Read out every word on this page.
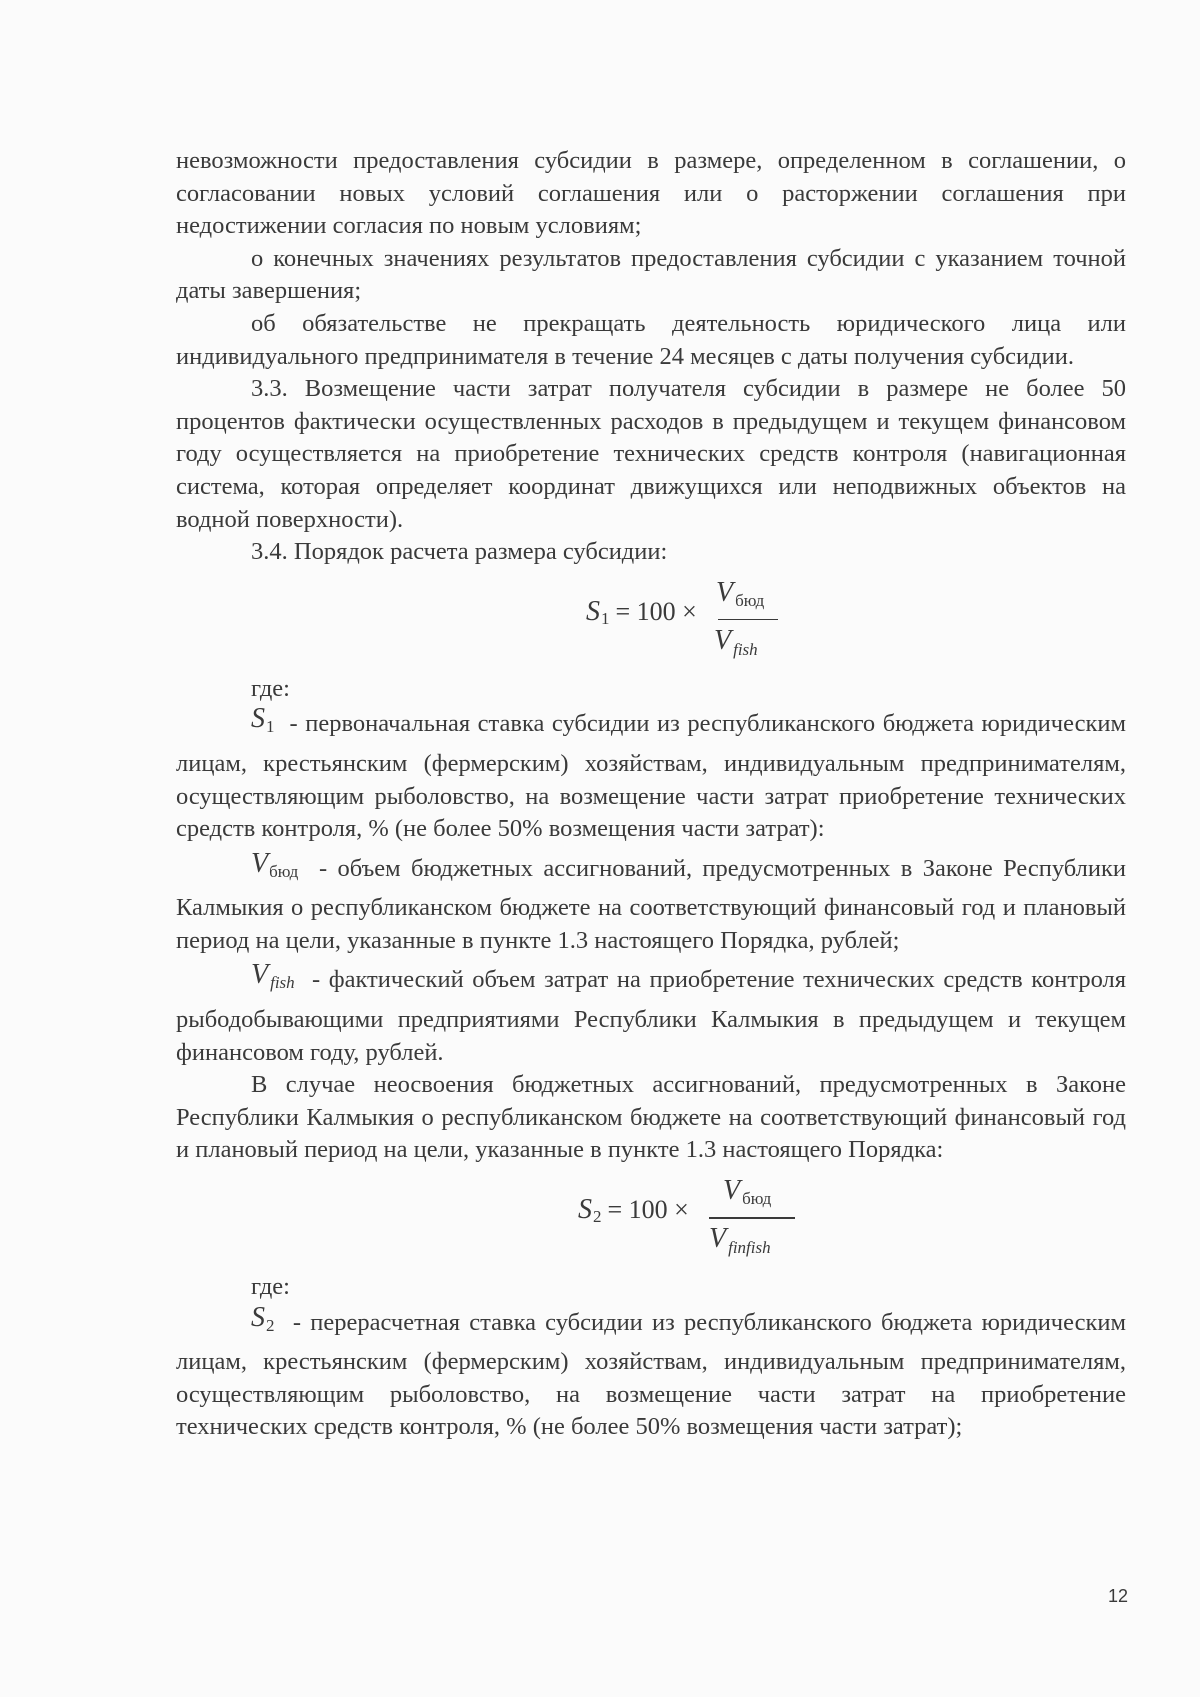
невозможности предоставления субсидии в размере, определенном в соглашении, о согласовании новых условий соглашения или о расторжении соглашения при недостижении согласия по новым условиям;

о конечных значениях результатов предоставления субсидии с указанием точной даты завершения;

об обязательстве не прекращать деятельность юридического лица или индивидуального предпринимателя в течение 24 месяцев с даты получения субсидии.

3.3. Возмещение части затрат получателя субсидии в размере не более 50 процентов фактически осуществленных расходов в предыдущем и текущем финансовом году осуществляется на приобретение технических средств контроля (навигационная система, которая определяет координат движущихся или неподвижных объектов на водной поверхности).

3.4. Порядок расчета размера субсидии:

$S_1 = 100$ ×
Vбюд
V $_{fish}$

где:

S1 - первоначальная ставка субсидии из республиканского бюджета юридическим лицам, крестьянским (фермерским) хозяйствам, индивидуальным предпринимателям, осуществляющим рыболовство, на возмещение части затрат приобретение технических средств контроля, % (не более 50% возмещения части затрат):

Vбюд - объем бюджетных ассигнований, предусмотренных в Законе Республики Калмыкия о республиканском бюджете на соответствующий финансовый год и плановый период на цели, указанные в пункте 1.3 настоящего Порядка, рублей;

V fish - фактический объем затрат на приобретение технических средств контроля рыбодобывающими предприятиями Республики Калмыкия в предыдущем и текущем финансовом году, рублей.

В случае неосвоения бюджетных ассигнований, предусмотренных в Законе Республики Калмыкия о республиканском бюджете на соответствующий финансовый год и плановый период на цели, указанные в пункте 1.3 настоящего Порядка:

$S_2 = 100$ ×
Vбюд
V $_{finfish}$

где:

S2 - перерасчетная ставка субсидии из республиканского бюджета юридическим лицам, крестьянским (фермерским) хозяйствам, индивидуальным предпринимателям, осуществляющим рыболовство, на возмещение части затрат на приобретение технических средств контроля, % (не более 50% возмещения части затрат);

12
